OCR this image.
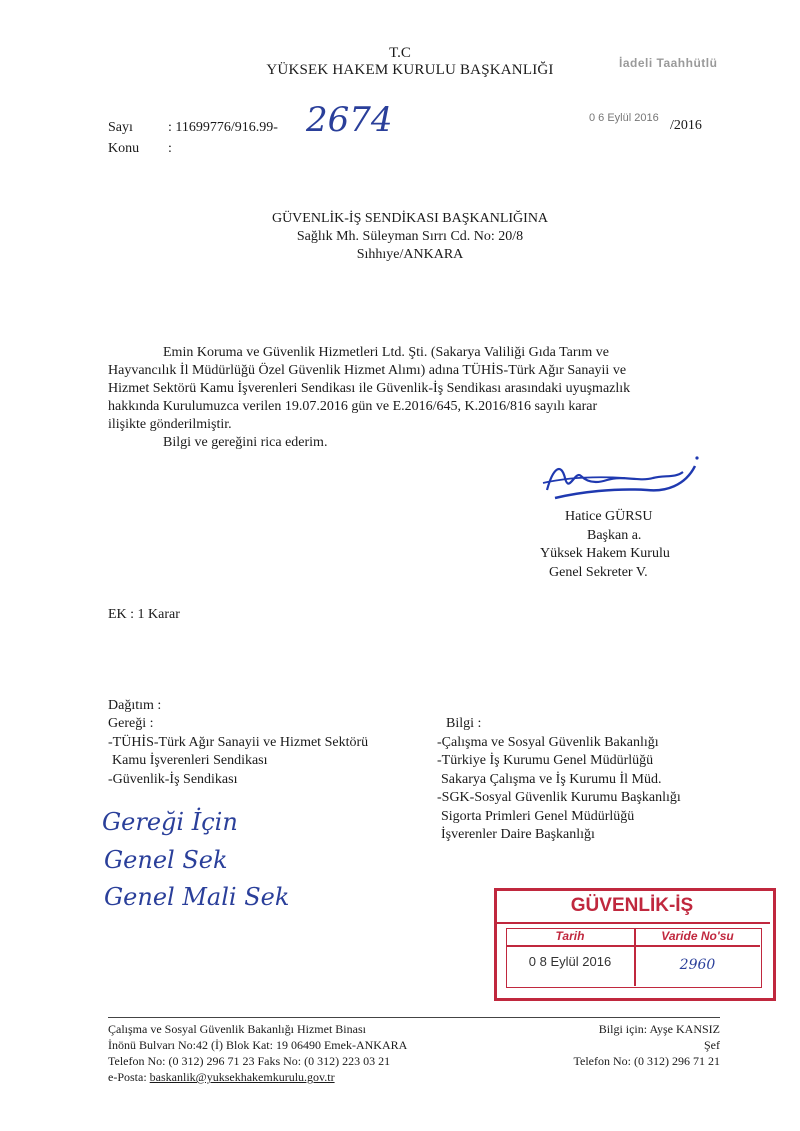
T.C
YÜKSEK HAKEM KURULU BAŞKANLIĞI	İadeli Taahhütlü
Sayı	: 11699776/916.99- 2674
Konu :
0 6 Eylül 2016 /2016
GÜVENLİK-İŞ SENDİKASI BAŞKANLIĞINA
Sağlık Mh. Süleyman Sırrı Cd. No: 20/8
Sıhhıye/ANKARA
Emin Koruma ve Güvenlik Hizmetleri Ltd. Şti. (Sakarya Valiliği Gıda Tarım ve
Hayvancılık İl Müdürlüğü Özel Güvenlik Hizmet Alımı) adına TÜHİS-Türk Ağır Sanayii ve
Hizmet Sektörü Kamu İşverenleri Sendikası ile Güvenlik-İş Sendikası arasındaki uyuşmazlık
hakkında Kurulumuzca verilen 19.07.2016 gün ve E.2016/645, K.2016/816 sayılı karar
ilişikte gönderilmiştir.
Bilgi ve gereğini rica ederim.
Hatice GÜRSU
Başkan a.
Yüksek Hakem Kurulu
Genel Sekreter V.
EK : 1 Karar
Dağıtım :
Gereği :
-TÜHİS-Türk Ağır Sanayii ve Hizmet Sektörü
Kamu İşverenleri Sendikası
-Güvenlik-İş Sendikası
Bilgi :
-Çalışma ve Sosyal Güvenlik Bakanlığı
-Türkiye İş Kurumu Genel Müdürlüğü
Sakarya Çalışma ve İş Kurumu İl Müd.
-SGK-Sosyal Güvenlik Kurumu Başkanlığı
Sigorta Primleri Genel Müdürlüğü
İşverenler Daire Başkanlığı
Gereği İçin
Genel Sek
Genel Mali Sek	GÜVENLİK-İŞ
Tarih	Varide No'su
0 8 Eylül 2016	2960
Çalışma ve Sosyal Güvenlik Bakanlığı Hizmet Binası
İnönü Bulvarı No:42 (İ) Blok Kat: 19 06490 Emek-ANKARA
Telefon No: (0 312) 296 71 23 Faks No: (0 312) 223 03 21
e-Posta: baskanlik@yuksekhakemkurulu.gov.tr
Bilgi için: Ayşe KANSIZ
Şef
Telefon No: (0 312) 296 71 21
